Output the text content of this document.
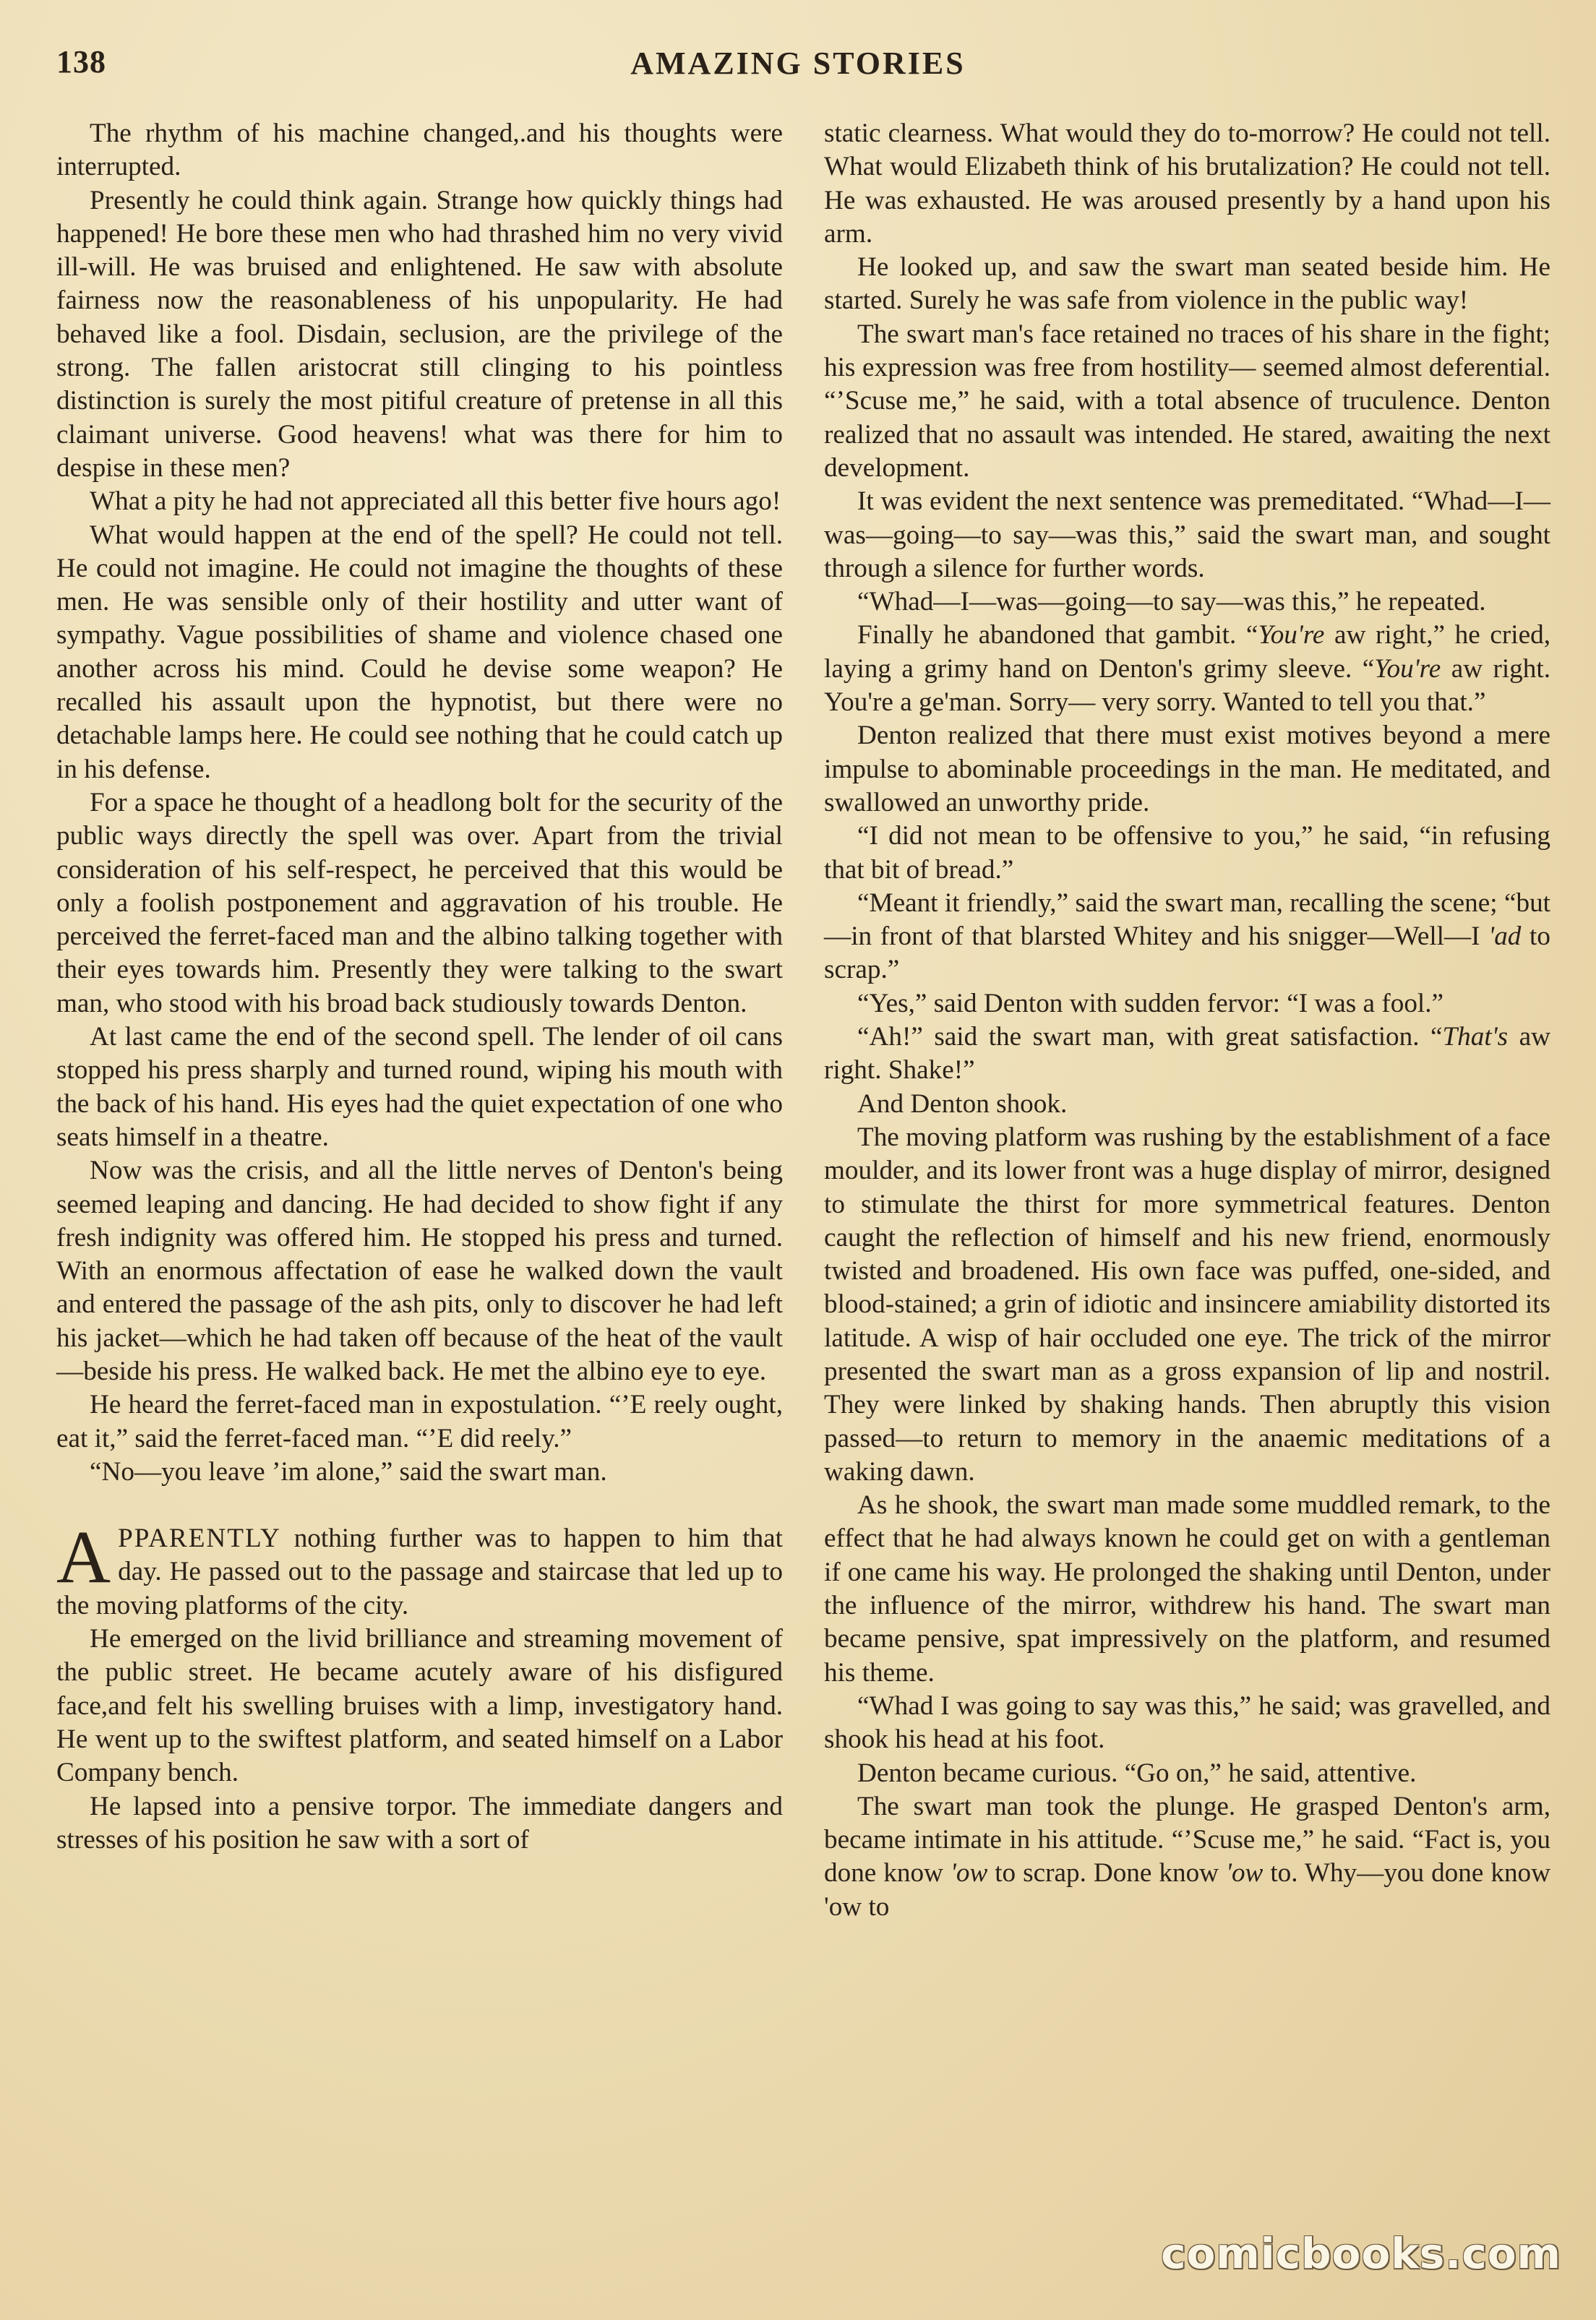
138	AMAZING STORIES

The rhythm of his machine changed,.and his thoughts were interrupted.

Presently he could think again. Strange how quickly things had happened! He bore these men who had thrashed him no very vivid ill-will. He was bruised and enlightened. He saw with absolute fairness now the reasonableness of his unpopularity. He had behaved like a fool. Disdain, seclusion, are the privilege of the strong. The fallen aristocrat still clinging to his pointless distinction is surely the most pitiful creature of pretense in all this claimant universe. Good heavens! what was there for him to despise in these men?

What a pity he had not appreciated all this better five hours ago!

What would happen at the end of the spell? He could not tell. He could not imagine. He could not imagine the thoughts of these men. He was sensible only of their hostility and utter want of sympathy. Vague possibilities of shame and violence chased one another across his mind. Could he devise some weapon? He recalled his assault upon the hypnotist, but there were no detachable lamps here. He could see nothing that he could catch up in his defense.

For a space he thought of a headlong bolt for the security of the public ways directly the spell was over. Apart from the trivial consideration of his self-respect, he perceived that this would be only a foolish postponement and aggravation of his trouble. He perceived the ferret-faced man and the albino talking together with their eyes towards him. Presently they were talking to the swart man, who stood with his broad back studiously towards Denton.

At last came the end of the second spell. The lender of oil cans stopped his press sharply and turned round, wiping his mouth with the back of his hand. His eyes had the quiet expectation of one who seats himself in a theatre.

Now was the crisis, and all the little nerves of Denton's being seemed leaping and dancing. He had decided to show fight if any fresh indignity was offered him. He stopped his press and turned. With an enormous affectation of ease he walked down the vault and entered the passage of the ash pits, only to discover he had left his jacket—which he had taken off because of the heat of the vault—beside his press. He walked back. He met the albino eye to eye.

He heard the ferret-faced man in expostulation. “’E reely ought, eat it,” said the ferret-faced man. “’E did reely.”

“No—you leave ’im alone,” said the swart man.

APPARENTLY nothing further was to happen to him that day. He passed out to the passage and staircase that led up to the moving platforms of the city.

He emerged on the livid brilliance and streaming movement of the public street. He became acutely aware of his disfigured face,and felt his swelling bruises with a limp, investigatory hand. He went up to the swiftest platform, and seated himself on a Labor Company bench.

He lapsed into a pensive torpor. The immediate dangers and stresses of his position he saw with a sort of

static clearness. What would they do to-morrow? He could not tell. What would Elizabeth think of his brutalization? He could not tell. He was exhausted. He was aroused presently by a hand upon his arm.

He looked up, and saw the swart man seated beside him. He started. Surely he was safe from violence in the public way!

The swart man's face retained no traces of his share in the fight; his expression was free from hostility— seemed almost deferential. “’Scuse me,” he said, with a total absence of truculence. Denton realized that no assault was intended. He stared, awaiting the next development.

It was evident the next sentence was premeditated. “Whad—I—was—going—to say—was this,” said the swart man, and sought through a silence for further words.

“Whad—I—was—going—to say—was this,” he repeated.

Finally he abandoned that gambit. “You're aw right,” he cried, laying a grimy hand on Denton's grimy sleeve. “You're aw right. You're a ge'man. Sorry— very sorry. Wanted to tell you that.”

Denton realized that there must exist motives beyond a mere impulse to abominable proceedings in the man. He meditated, and swallowed an unworthy pride.

“I did not mean to be offensive to you,” he said, “in refusing that bit of bread.”

“Meant it friendly,” said the swart man, recalling the scene; “but—in front of that blarsted Whitey and his snigger—Well—I 'ad to scrap.”

“Yes,” said Denton with sudden fervor: “I was a fool.”

“Ah!” said the swart man, with great satisfaction. “That's aw right. Shake!”

And Denton shook.

The moving platform was rushing by the establishment of a face moulder, and its lower front was a huge display of mirror, designed to stimulate the thirst for more symmetrical features. Denton caught the reflection of himself and his new friend, enormously twisted and broadened. His own face was puffed, one-sided, and blood-stained; a grin of idiotic and insincere amiability distorted its latitude. A wisp of hair occluded one eye. The trick of the mirror presented the swart man as a gross expansion of lip and nostril. They were linked by shaking hands. Then abruptly this vision passed—to return to memory in the anaemic meditations of a waking dawn.

As he shook, the swart man made some muddled remark, to the effect that he had always known he could get on with a gentleman if one came his way. He prolonged the shaking until Denton, under the influence of the mirror, withdrew his hand. The swart man became pensive, spat impressively on the platform, and resumed his theme.

“Whad I was going to say was this,” he said; was gravelled, and shook his head at his foot.

Denton became curious. “Go on,” he said, attentive.

The swart man took the plunge. He grasped Denton's arm, became intimate in his attitude. “’Scuse me,” he said. “Fact is, you done know 'ow to scrap. Done know 'ow to. Why—you done know 'ow to

comicbooks.com
